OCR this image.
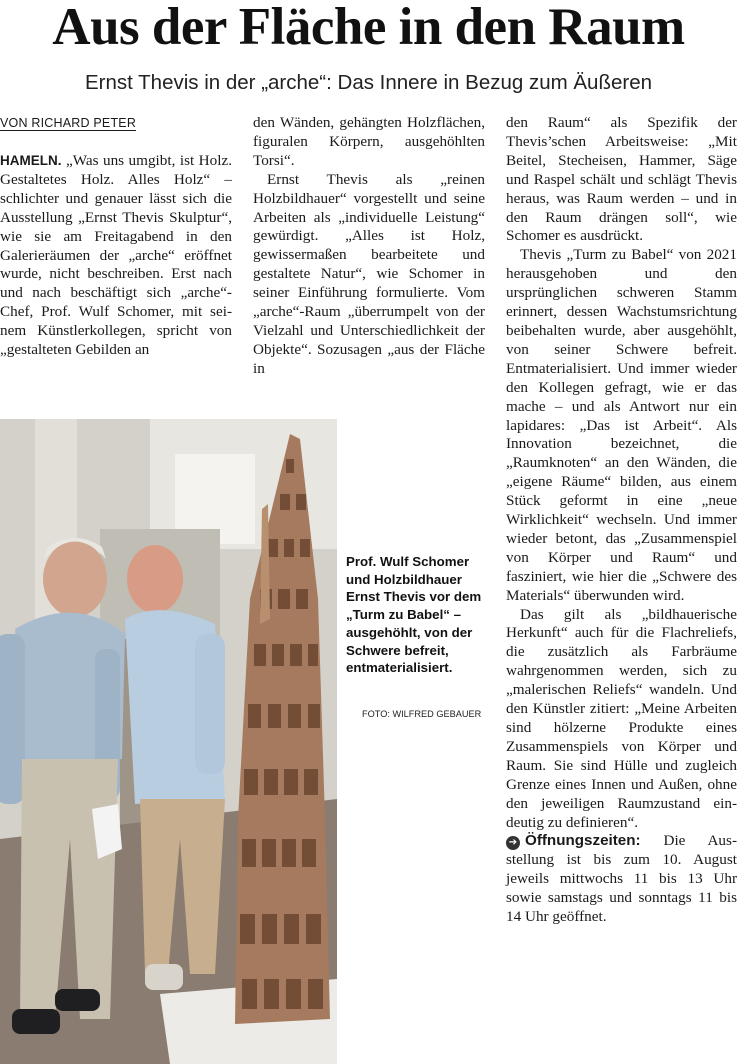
Aus der Fläche in den Raum
Ernst Thevis in der „arche“: Das Innere in Bezug zum Äußeren
VON RICHARD PETER

HAMELN. „Was uns umgibt, ist Holz. Gestaltetes Holz. Alles Holz“ – schlichter und genauer lässt sich die Ausstellung „Ernst Thevis Skulptur“, wie sie am Freitagabend in den Galerieräumen der „arche“ eröffnet wurde, nicht beschreiben. Erst nach und nach beschäftigt sich „arche“-Chef, Prof. Wulf Schomer, mit seinem Künstlerkollegen, spricht von „gestalteten Gebilden an

den Wänden, gehängten Holzflächen, figuralen Körpern, ausgehöhlten Torsi“.

Ernst Thevis als „reinen Holzbildhauer“ vorgestellt und seine Arbeiten als „individuelle Leistung“ gewürdigt. „Alles ist Holz, gewissermaßen bearbeitete und gestaltete Natur“, wie Schomer in seiner Einführung formulierte. Vom „arche“-Raum „überrumpelt von der Vielzahl und Unterschiedlichkeit der Objekte“. Sozusagen „aus der Fläche in

den Raum“ als Spezifik der Thevis’schen Arbeitsweise: „Mit Beitel, Stecheisen, Hammer, Säge und Raspel schält und schlägt Thevis heraus, was Raum werden – und in den Raum drängen soll“, wie Schomer es ausdrückt.

Thevis „Turm zu Babel“ von 2021 herausgehoben und den ursprünglichen schweren Stamm erinnert, dessen Wachstumsrichtung beibehalten wurde, aber ausgehöhlt, von seiner Schwere befreit. Entmaterialisiert. Und immer wieder den Kollegen gefragt, wie er das mache – und als Antwort nur ein lapidares: „Das ist Arbeit“. Als Innovation bezeichnet, die „Raumknoten“ an den Wänden, die „eigene Räume“ bilden, aus einem Stück geformt in eine „neue Wirklichkeit“ wechseln. Und immer wieder betont, das „Zusammenspiel von Körper und Raum“ und fasziniert, wie hier die „Schwere des Materials“ überwunden wird.

Das gilt als „bildhauerische Herkunft“ auch für die Flachreliefs, die zusätzlich als Farbräume wahrgenommen werden, sich zu „malerischen Reliefs“ wandeln. Und den Künstler zitiert: „Meine Arbeiten sind hölzerne Produkte eines Zusammenspiels von Körper und Raum. Sie sind Hülle und zugleich Grenze eines Innen und Außen, ohne den jeweiligen Raumzustand eindeutig zu definieren“.

➔ Öffnungszeiten: Die Ausstellung ist bis zum 10. August jeweils mittwochs 11 bis 13 Uhr sowie samstags und sonntags 11 bis 14 Uhr geöffnet.

Prof. Wulf Schomer und Holzbildhauer Ernst Thevis vor dem „Turm zu Babel“ – ausgehöhlt, von der Schwere befreit, entmaterialisiert.
FOTO: WILFRED GEBAUER
